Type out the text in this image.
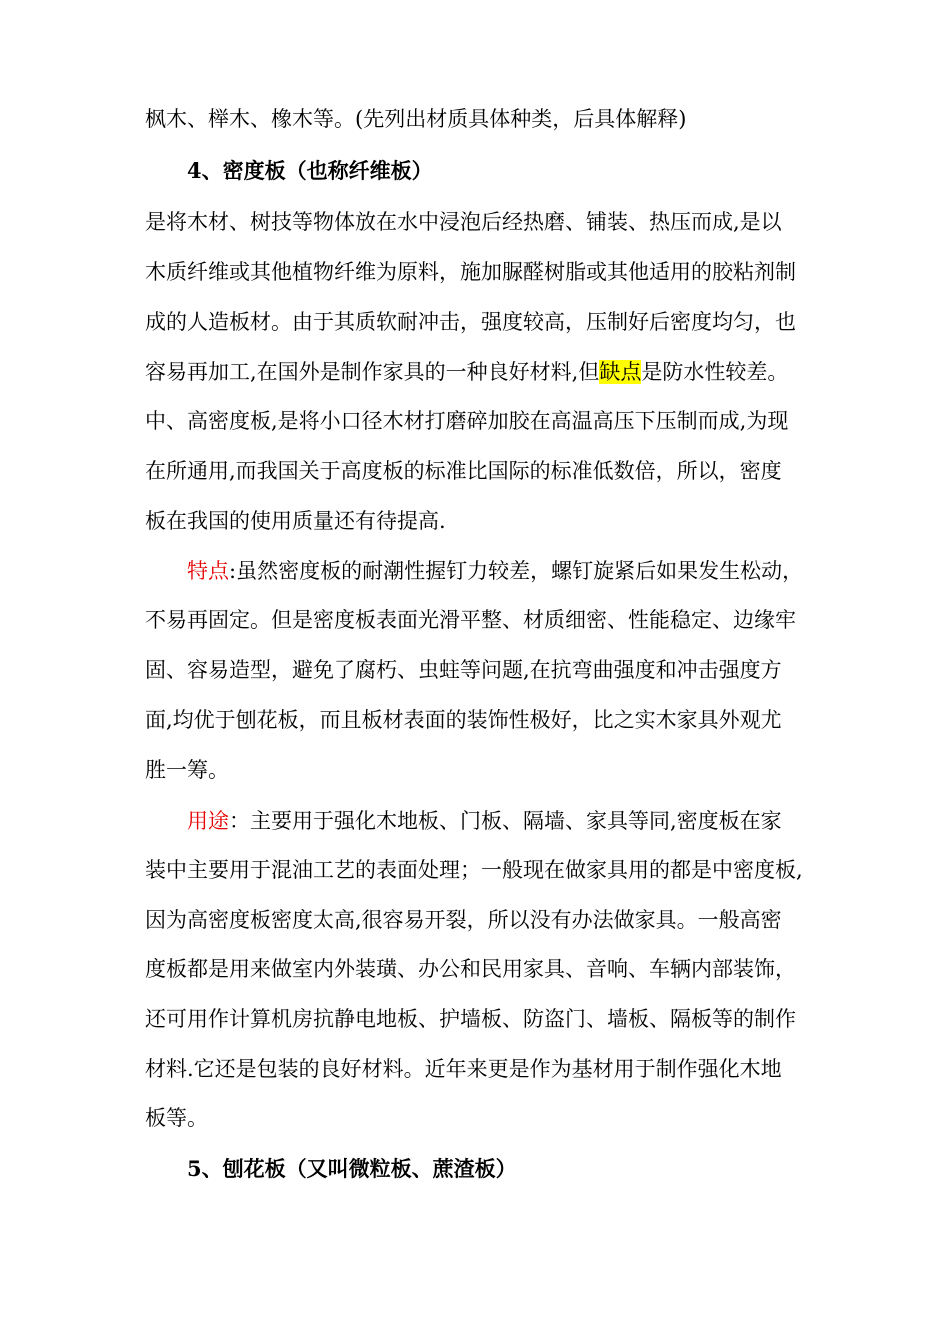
枫木、榉木、橡木等。(先列出材质具体种类，后具体解释)
4、密度板（也称纤维板）
是将木材、树技等物体放在水中浸泡后经热磨、铺装、热压而成,是以
木质纤维或其他植物纤维为原料，施加脲醛树脂或其他适用的胶粘剂制
成的人造板材。由于其质软耐冲击，强度较高，压制好后密度均匀，也
容易再加工,在国外是制作家具的一种良好材料,但缺点是防水性较差。
中、高密度板,是将小口径木材打磨碎加胶在高温高压下压制而成,为现
在所通用,而我国关于高度板的标准比国际的标准低数倍，所以，密度
板在我国的使用质量还有待提高.
特点:虽然密度板的耐潮性握钉力较差，螺钉旋紧后如果发生松动，
不易再固定。但是密度板表面光滑平整、材质细密、性能稳定、边缘牢
固、容易造型，避免了腐朽、虫蛀等问题,在抗弯曲强度和冲击强度方
面,均优于刨花板，而且板材表面的装饰性极好，比之实木家具外观尤
胜一筹。
用途：主要用于强化木地板、门板、隔墙、家具等同,密度板在家
装中主要用于混油工艺的表面处理；一般现在做家具用的都是中密度板,
因为高密度板密度太高,很容易开裂，所以没有办法做家具。一般高密
度板都是用来做室内外装璜、办公和民用家具、音响、车辆内部装饰，
还可用作计算机房抗静电地板、护墙板、防盗门、墙板、隔板等的制作
材料.它还是包装的良好材料。近年来更是作为基材用于制作强化木地
板等。
5、刨花板（又叫微粒板、蔗渣板）
